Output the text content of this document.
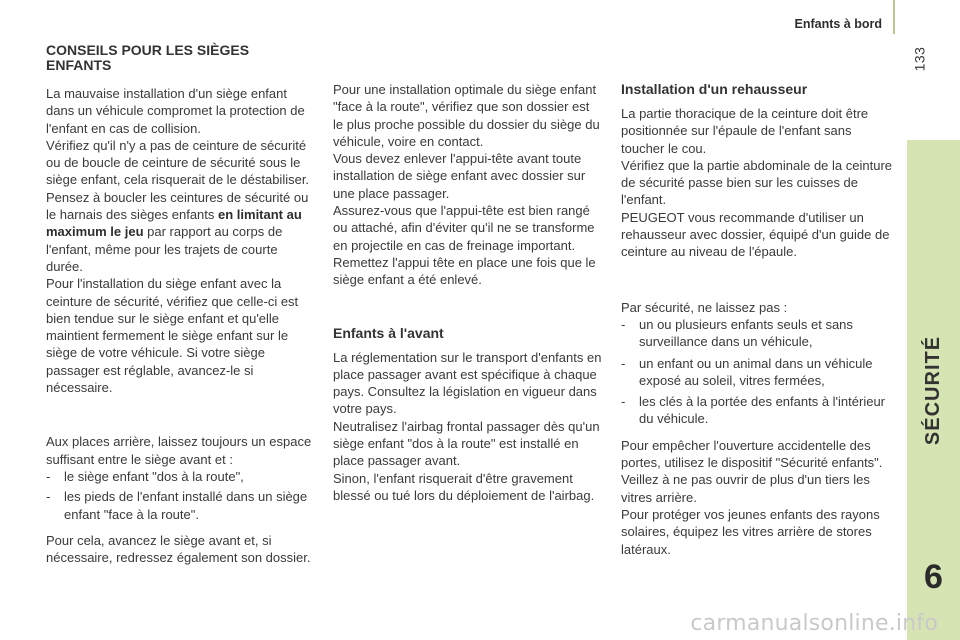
Enfants à bord
133
SÉCURITÉ
6
CONSEILS POUR LES SIÈGES ENFANTS

La mauvaise installation d'un siège enfant dans un véhicule compromet la protection de l'enfant en cas de collision.

Vérifiez qu'il n'y a pas de ceinture de sécurité ou de boucle de ceinture de sécurité sous le siège enfant, cela risquerait de le déstabiliser.

Pensez à boucler les ceintures de sécurité ou le harnais des sièges enfants en limitant au maximum le jeu par rapport au corps de l'enfant, même pour les trajets de courte durée.

Pour l'installation du siège enfant avec la ceinture de sécurité, vérifiez que celle-ci est bien tendue sur le siège enfant et qu'elle maintient fermement le siège enfant sur le siège de votre véhicule. Si votre siège passager est réglable, avancez-le si nécessaire.

Aux places arrière, laissez toujours un espace suffisant entre le siège avant et :

-	le siège enfant "dos à la route",
-	les pieds de l'enfant installé dans un siège enfant "face à la route".

Pour cela, avancez le siège avant et, si nécessaire, redressez également son dossier.

Pour une installation optimale du siège enfant "face à la route", vérifiez que son dossier est le plus proche possible du dossier du siège du véhicule, voire en contact.

Vous devez enlever l'appui-tête avant toute installation de siège enfant avec dossier sur une place passager.

Assurez-vous que l'appui-tête est bien rangé ou attaché, afin d'éviter qu'il ne se transforme en projectile en cas de freinage important.

Remettez l'appui tête en place une fois que le siège enfant a été enlevé.

Enfants à l'avant

La réglementation sur le transport d'enfants en place passager avant est spécifique à chaque pays. Consultez la législation en vigueur dans votre pays.

Neutralisez l'airbag frontal passager dès qu'un siège enfant "dos à la route" est installé en place passager avant.

Sinon, l'enfant risquerait d'être gravement blessé ou tué lors du déploiement de l'airbag.

Installation d'un rehausseur

La partie thoracique de la ceinture doit être positionnée sur l'épaule de l'enfant sans toucher le cou.

Vérifiez que la partie abdominale de la ceinture de sécurité passe bien sur les cuisses de l'enfant.

PEUGEOT vous recommande d'utiliser un rehausseur avec dossier, équipé d'un guide de ceinture au niveau de l'épaule.

Par sécurité, ne laissez pas :

-	un ou plusieurs enfants seuls et sans surveillance dans un véhicule,
-	un enfant ou un animal dans un véhicule exposé au soleil, vitres fermées,
-	les clés à la portée des enfants à l'intérieur du véhicule.

Pour empêcher l'ouverture accidentelle des portes, utilisez le dispositif "Sécurité enfants".

Veillez à ne pas ouvrir de plus d'un tiers les vitres arrière.

Pour protéger vos jeunes enfants des rayons solaires, équipez les vitres arrière de stores latéraux.

carmanualsonline.info
